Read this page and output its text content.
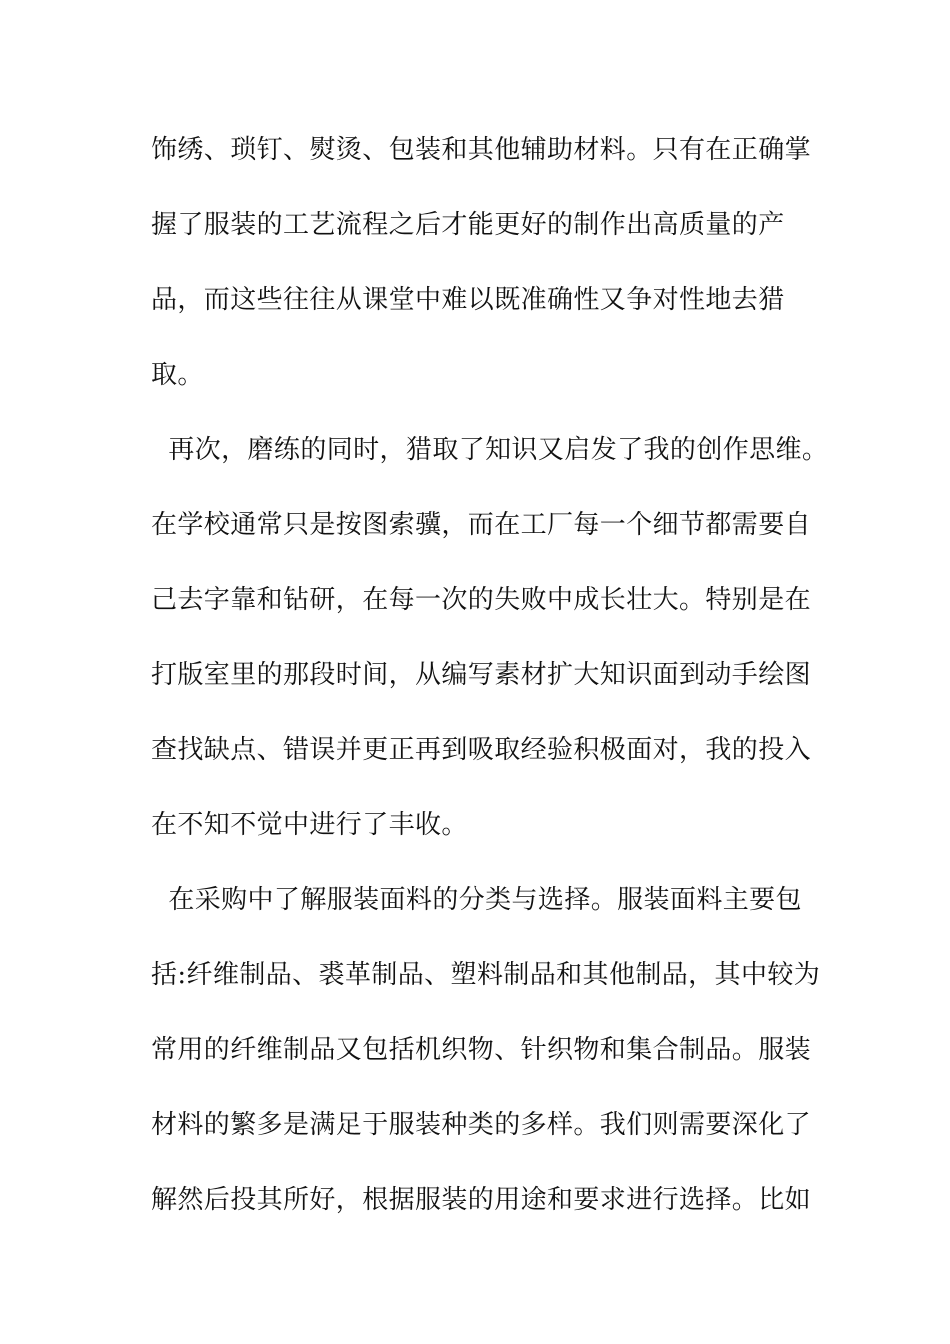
饰绣、琐钉、熨烫、包装和其他辅助材料。只有在正确掌
握了服装的工艺流程之后才能更好的制作出高质量的产
品，而这些往往从课堂中难以既准确性又争对性地去猎
取。
再次，磨练的同时，猎取了知识又启发了我的创作思维。
在学校通常只是按图索骥，而在工厂每一个细节都需要自
己去字靠和钻研，在每一次的失败中成长壮大。特别是在
打版室里的那段时间，从编写素材扩大知识面到动手绘图
查找缺点、错误并更正再到吸取经验积极面对，我的投入
在不知不觉中进行了丰收。
在采购中了解服装面料的分类与选择。服装面料主要包
括:纤维制品、裘革制品、塑料制品和其他制品，其中较为
常用的纤维制品又包括机织物、针织物和集合制品。服装
材料的繁多是满足于服装种类的多样。我们则需要深化了
解然后投其所好，根据服装的用途和要求进行选择。比如
